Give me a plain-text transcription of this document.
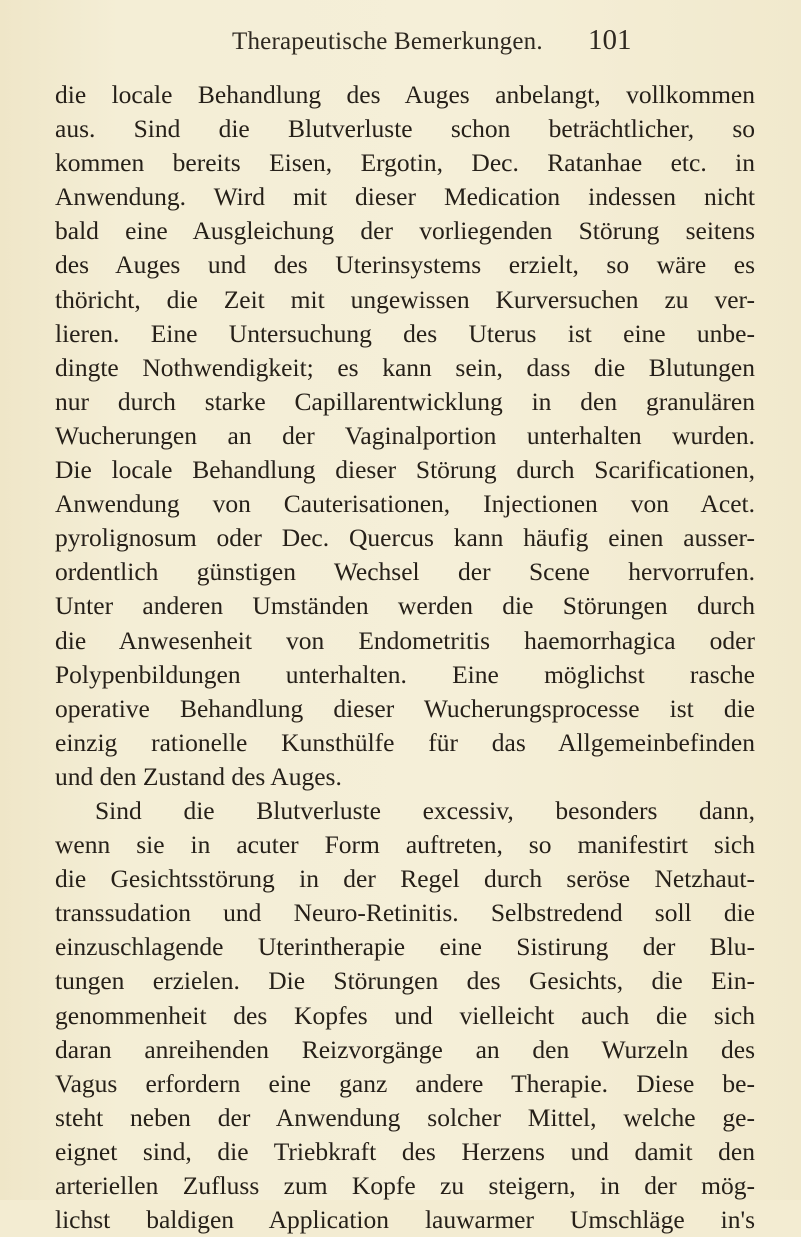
Therapeutische Bemerkungen. 101
die locale Behandlung des Auges anbelangt, vollkommen
aus. Sind die Blutverluste schon beträchtlicher, so
kommen bereits Eisen, Ergotin, Dec. Ratanhae etc. in
Anwendung. Wird mit dieser Medication indessen nicht
bald eine Ausgleichung der vorliegenden Störung seitens
des Auges und des Uterinsystems erzielt, so wäre es
thöricht, die Zeit mit ungewissen Kurversuchen zu ver-
lieren. Eine Untersuchung des Uterus ist eine unbe-
dingte Nothwendigkeit; es kann sein, dass die Blutungen
nur durch starke Capillarentwicklung in den granulären
Wucherungen an der Vaginalportion unterhalten wurden.
Die locale Behandlung dieser Störung durch Scarificationen,
Anwendung von Cauterisationen, Injectionen von Acet.
pyrolignosum oder Dec. Quercus kann häufig einen ausser-
ordentlich günstigen Wechsel der Scene hervorrufen.
Unter anderen Umständen werden die Störungen durch
die Anwesenheit von Endometritis haemorrhagica oder
Polypenbildungen unterhalten. Eine möglichst rasche
operative Behandlung dieser Wucherungsprocesse ist die
einzig rationelle Kunsthülfe für das Allgemeinbefinden
und den Zustand des Auges.
Sind die Blutverluste excessiv, besonders dann,
wenn sie in acuter Form auftreten, so manifestirt sich
die Gesichtsstörung in der Regel durch seröse Netzhaut-
transsudation und Neuro-Retinitis. Selbstredend soll die
einzuschlagende Uterintherapie eine Sistirung der Blu-
tungen erzielen. Die Störungen des Gesichts, die Ein-
genommenheit des Kopfes und vielleicht auch die sich
daran anreihenden Reizvorgänge an den Wurzeln des
Vagus erfordern eine ganz andere Therapie. Diese be-
steht neben der Anwendung solcher Mittel, welche ge-
eignet sind, die Triebkraft des Herzens und damit den
arteriellen Zufluss zum Kopfe zu steigern, in der mög-
lichst baldigen Application lauwarmer Umschläge in's
